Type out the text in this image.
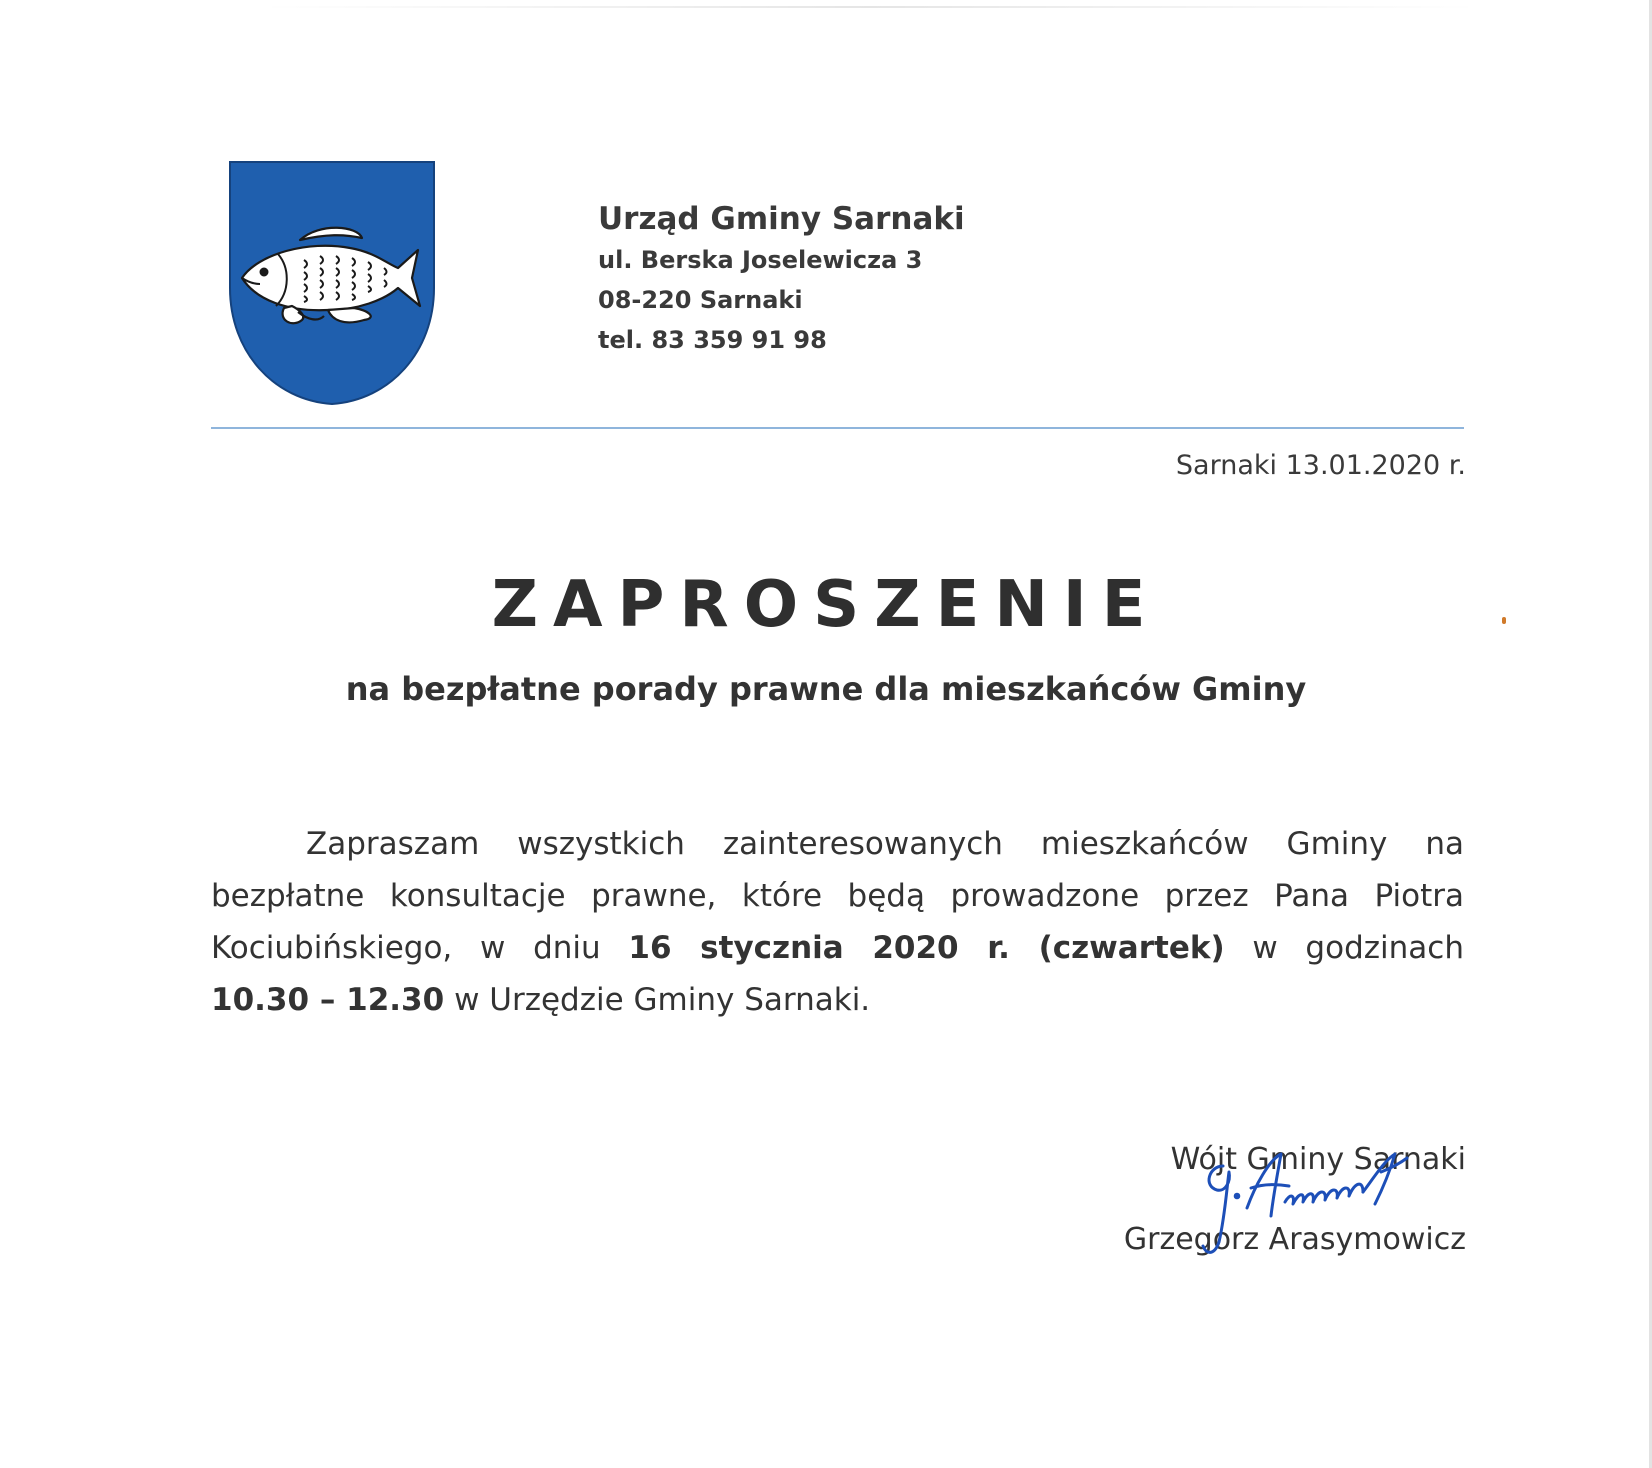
Urząd Gminy Sarnaki
ul. Berska Joselewicza 3
08-220 Sarnaki
tel. 83 359 91 98
Sarnaki 13.01.2020 r.
ZAPROSZENIE
na bezpłatne porady prawne dla mieszkańców Gminy
Zapraszam wszystkich zainteresowanych mieszkańców Gminy na
bezpłatne konsultacje prawne, które będą prowadzone przez Pana Piotra
Kociubińskiego, w dniu 16 stycznia 2020 r. (czwartek) w godzinach
10.30 – 12.30 w Urzędzie Gminy Sarnaki.
Wójt Gminy Sarnaki
Grzegorz Arasymowicz
